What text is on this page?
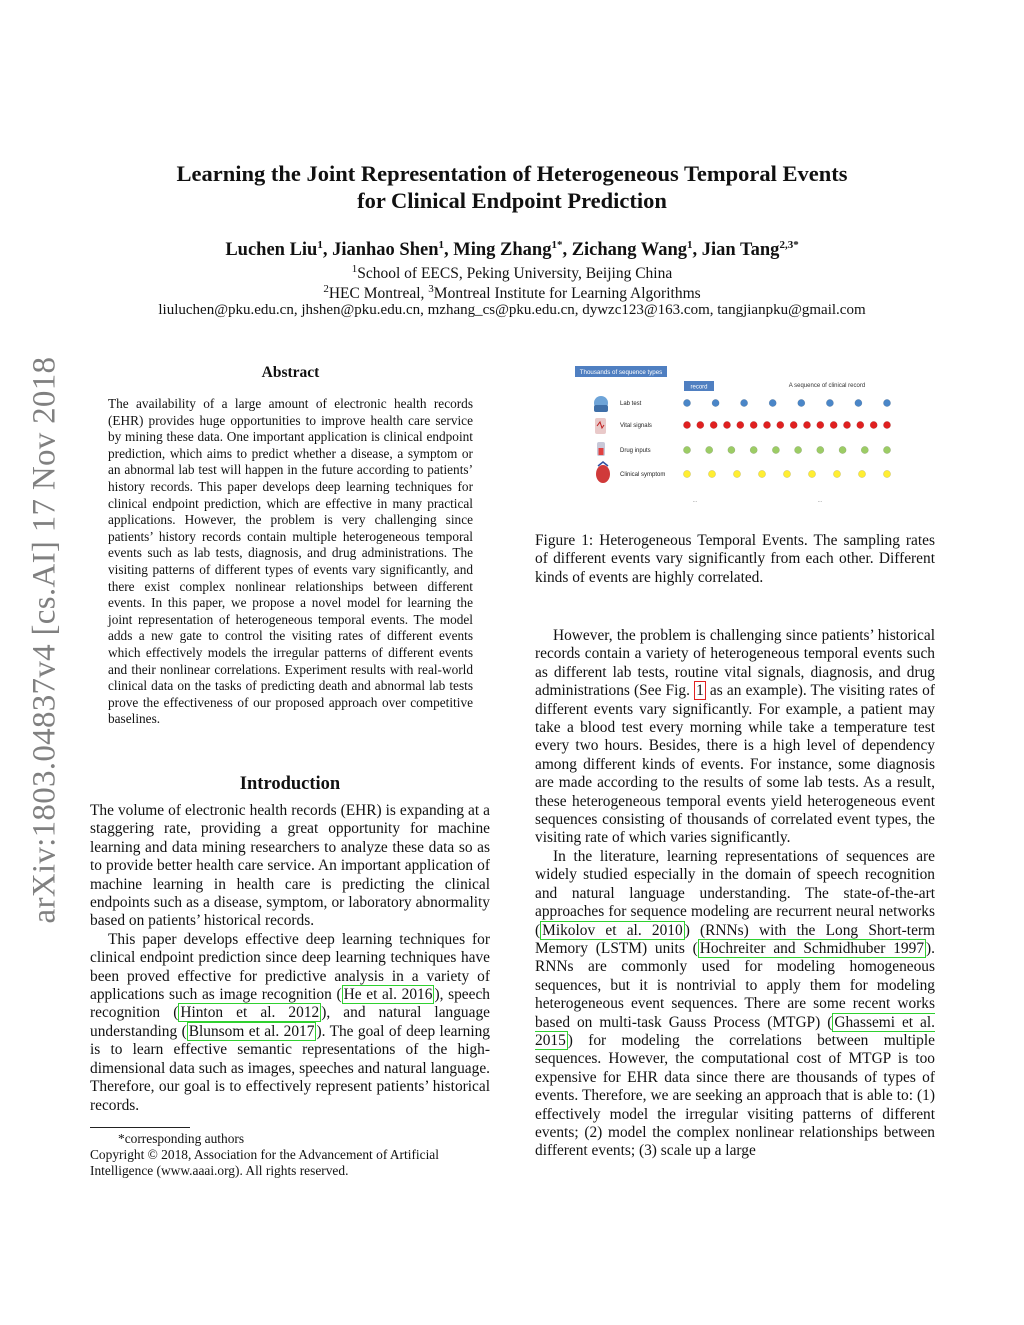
arXiv:1803.04837v4 [cs.AI] 17 Nov 2018
Learning the Joint Representation of Heterogeneous Temporal Events
for Clinical Endpoint Prediction
Luchen Liu$^1$, Jianhao Shen$^1$, Ming Zhang$^{1*}$, Zichang Wang$^1$, Jian Tang$^{2,3*}$
$^1$School of EECS, Peking University, Beijing China
$^2$HEC Montreal, $^3$Montreal Institute for Learning Algorithms
liuluchen@pku.edu.cn, jhshen@pku.edu.cn, mzhang_cs@pku.edu.cn, dywzc123@163.com, tangjianpku@gmail.com
Abstract
The availability of a large amount of electronic health records (EHR) provides huge opportunities to improve health care service by mining these data. One important application is clinical endpoint prediction, which aims to predict whether a disease, a symptom or an abnormal lab test will happen in the future according to patients’ history records. This paper develops deep learning techniques for clinical endpoint prediction, which are effective in many practical applications. However, the problem is very challenging since patients’ history records contain multiple heterogeneous temporal events such as lab tests, diagnosis, and drug administrations. The visiting patterns of different types of events vary significantly, and there exist complex nonlinear relationships between different events. In this paper, we propose a novel model for learning the joint representation of heterogeneous temporal events. The model adds a new gate to control the visiting rates of different events which effectively models the irregular patterns of different events and their nonlinear correlations. Experiment results with real-world clinical data on the tasks of predicting death and abnormal lab tests prove the effectiveness of our proposed approach over competitive baselines.
Introduction

The volume of electronic health records (EHR) is expanding at a staggering rate, providing a great opportunity for machine learning and data mining researchers to analyze these data so as to provide better health care service. An important application of machine learning in health care is predicting the clinical endpoints such as a disease, symptom, or laboratory abnormality based on patients’ historical records.

This paper develops effective deep learning techniques for clinical endpoint prediction since deep learning techniques have been proved effective for predictive analysis in a variety of applications such as image recognition ( He et al. 2016 ), speech recognition ( Hinton et al. 2012 ), and natural language understanding ( Blunsom et al. 2017 ). The goal of deep learning is to learn effective semantic representations of the high-dimensional data such as images, speeches and natural language. Therefore, our goal is to effectively represent patients’ historical records.

*corresponding authors
Copyright © 2018, Association for the Advancement of Artificial Intelligence (www.aaai.org). All rights reserved.
Thousands of sequence types
record	A sequence of clinical record
Lab test
Vital signals
Drug inputs
Clinical symptom
...	...
Figure 1: Heterogeneous Temporal Events. The sampling rates of different events vary significantly from each other. Different kinds of events are highly correlated.

However, the problem is challenging since patients’ historical records contain a variety of heterogeneous temporal events such as different lab tests, routine vital signals, diagnosis, and drug administrations (See Fig. 1 as an example). The visiting rates of different events vary significantly. For example, a patient may take a blood test every morning while take a temperature test every two hours. Besides, there is a high level of dependency among different kinds of events. For instance, some diagnosis are made according to the results of some lab tests. As a result, these heterogeneous temporal events yield heterogeneous event sequences consisting of thousands of correlated event types, the visiting rate of which varies significantly.

In the literature, learning representations of sequences are widely studied especially in the domain of speech recognition and natural language understanding. The state-of-the-art approaches for sequence modeling are recurrent neural networks ( Mikolov et al. 2010 ) (RNNs) with the Long Short-term Memory (LSTM) units ( Hochreiter and Schmidhuber 1997 ). RNNs are commonly used for modeling homogeneous sequences, but it is nontrivial to apply them for modeling heterogeneous event sequences. There are some recent works based on multi-task Gauss Process (MTGP) ( Ghassemi et al. 2015 ) for modeling the correlations between multiple sequences. However, the computational cost of MTGP is too expensive for EHR data since there are thousands of types of events. Therefore, we are seeking an approach that is able to: (1) effectively model the irregular visiting patterns of different events; (2) model the complex nonlinear relationships between different events; (3) scale up a large
